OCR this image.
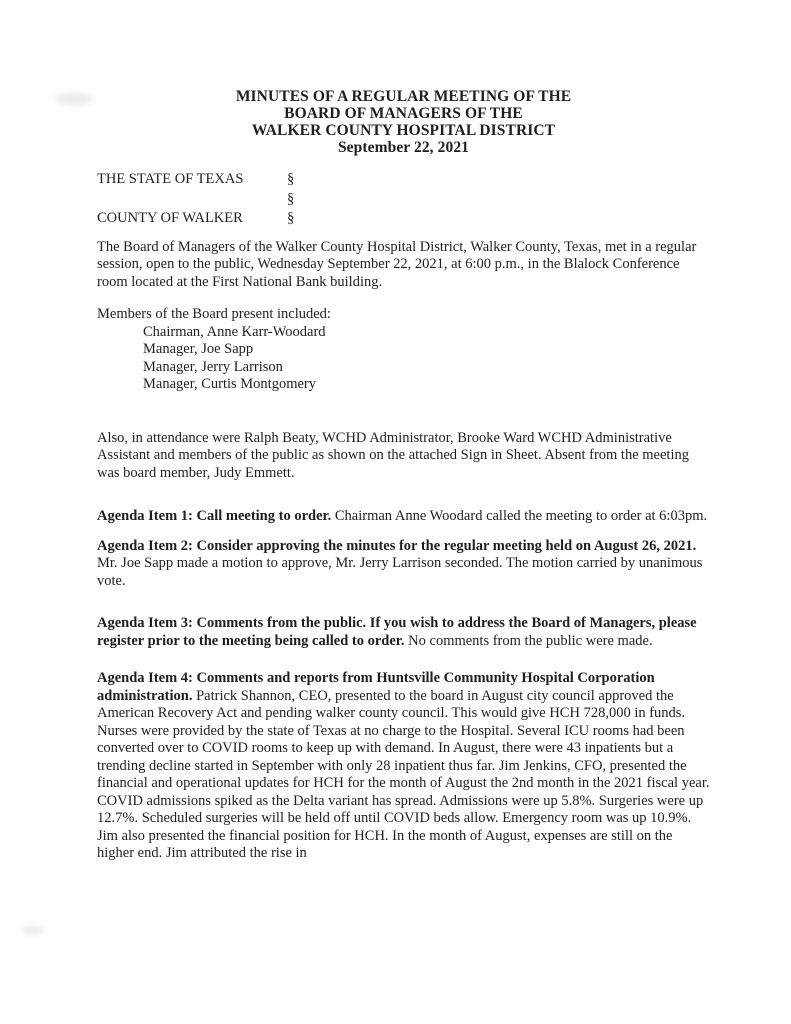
MINUTES OF A REGULAR MEETING OF THE
BOARD OF MANAGERS OF THE
WALKER COUNTY HOSPITAL DISTRICT
September 22, 2021
THE STATE OF TEXAS	§
§
COUNTY OF WALKER	§

The Board of Managers of the Walker County Hospital District, Walker County, Texas, met in a regular session, open to the public, Wednesday September 22, 2021, at 6:00 p.m., in the Blalock Conference room located at the First National Bank building.

Members of the Board present included:
Chairman, Anne Karr-Woodard
Manager, Joe Sapp
Manager, Jerry Larrison
Manager, Curtis Montgomery

Also, in attendance were Ralph Beaty, WCHD Administrator, Brooke Ward WCHD Administrative Assistant and members of the public as shown on the attached Sign in Sheet. Absent from the meeting was board member, Judy Emmett.

Agenda Item 1: Call meeting to order. Chairman Anne Woodard called the meeting to order at 6:03pm.

Agenda Item 2: Consider approving the minutes for the regular meeting held on August 26, 2021. Mr. Joe Sapp made a motion to approve, Mr. Jerry Larrison seconded. The motion carried by unanimous vote.

Agenda Item 3: Comments from the public. If you wish to address the Board of Managers, please register prior to the meeting being called to order. No comments from the public were made.

Agenda Item 4: Comments and reports from Huntsville Community Hospital Corporation administration. Patrick Shannon, CEO, presented to the board in August city council approved the American Recovery Act and pending walker county council. This would give HCH 728,000 in funds. Nurses were provided by the state of Texas at no charge to the Hospital. Several ICU rooms had been converted over to COVID rooms to keep up with demand. In August, there were 43 inpatients but a trending decline started in September with only 28 inpatient thus far. Jim Jenkins, CFO, presented the financial and operational updates for HCH for the month of August the 2nd month in the 2021 fiscal year. COVID admissions spiked as the Delta variant has spread. Admissions were up 5.8%. Surgeries were up 12.7%. Scheduled surgeries will be held off until COVID beds allow. Emergency room was up 10.9%. Jim also presented the financial position for HCH. In the month of August, expenses are still on the higher end. Jim attributed the rise in
